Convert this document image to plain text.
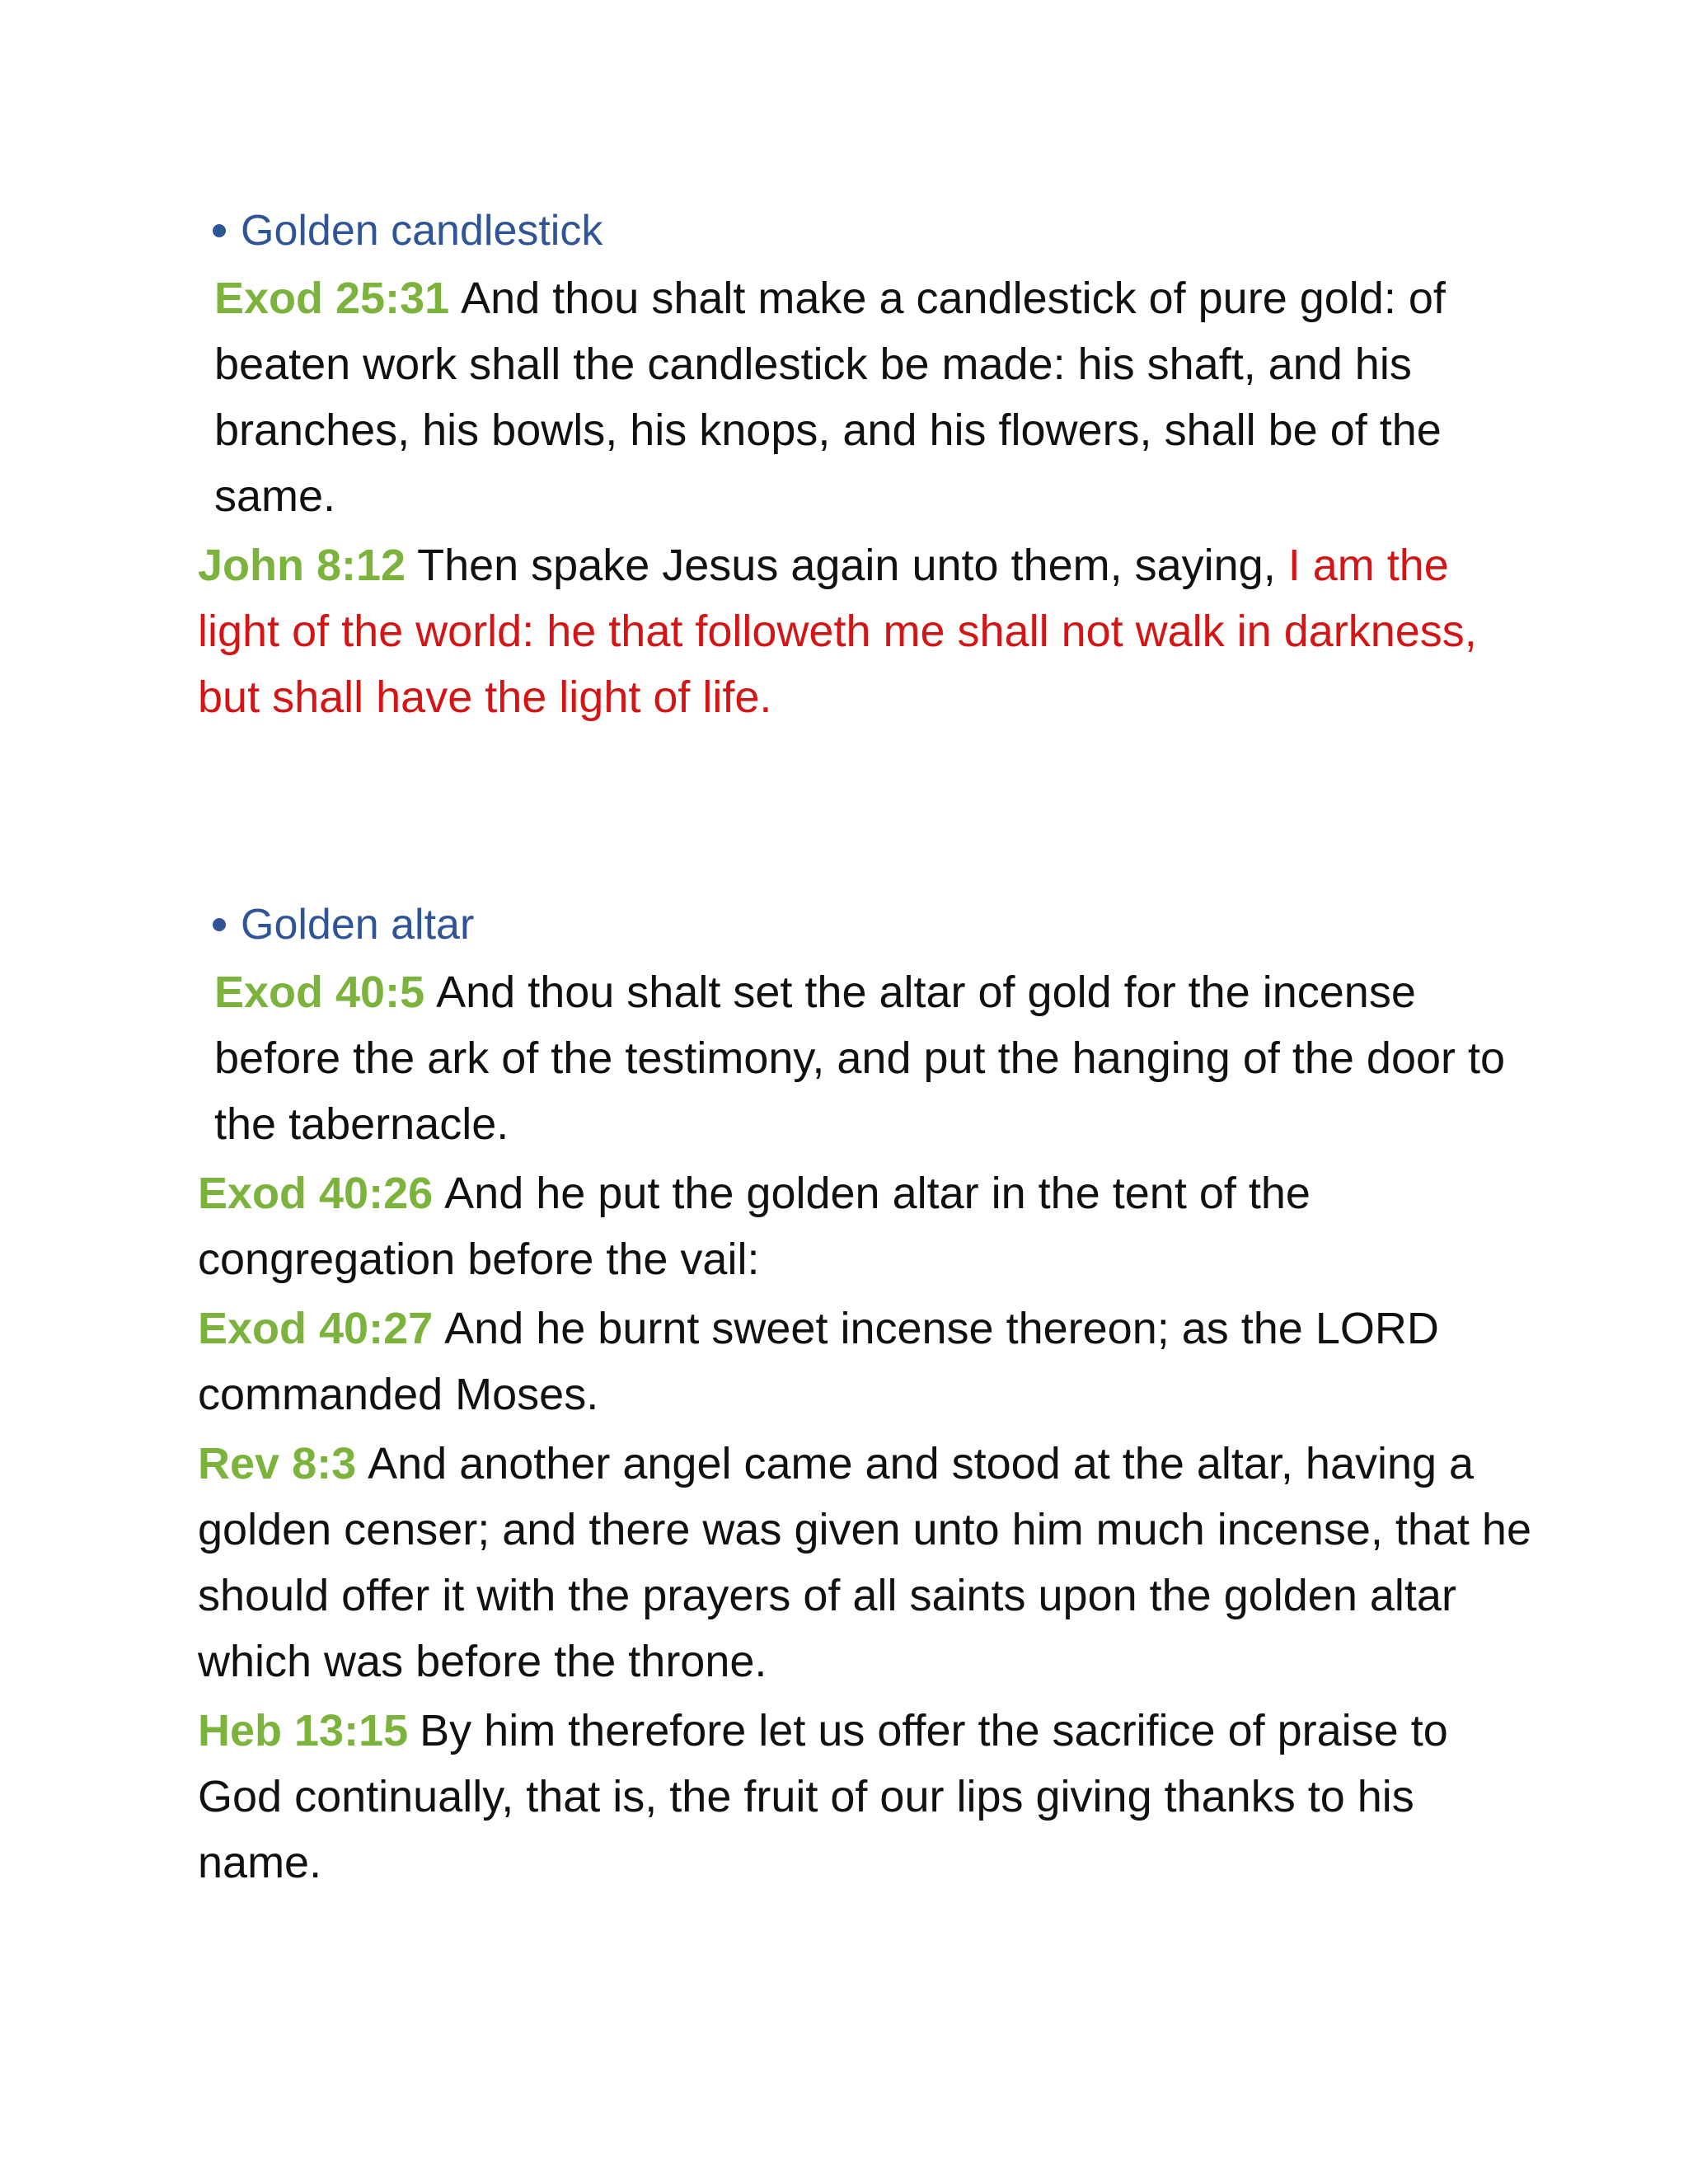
Golden candlestick

Exod 25:31 And thou shalt make a candlestick of pure gold: of beaten work shall the candlestick be made: his shaft, and his branches, his bowls, his knops, and his flowers, shall be of the same.

John 8:12 Then spake Jesus again unto them, saying, I am the light of the world: he that followeth me shall not walk in darkness, but shall have the light of life.

Golden altar

Exod 40:5 And thou shalt set the altar of gold for the incense before the ark of the testimony, and put the hanging of the door to the tabernacle.

Exod 40:26 And he put the golden altar in the tent of the congregation before the vail:

Exod 40:27 And he burnt sweet incense thereon; as the LORD commanded Moses.

Rev 8:3 And another angel came and stood at the altar, having a golden censer; and there was given unto him much incense, that he should offer it with the prayers of all saints upon the golden altar which was before the throne.

Heb 13:15 By him therefore let us offer the sacrifice of praise to God continually, that is, the fruit of our lips giving thanks to his name.
